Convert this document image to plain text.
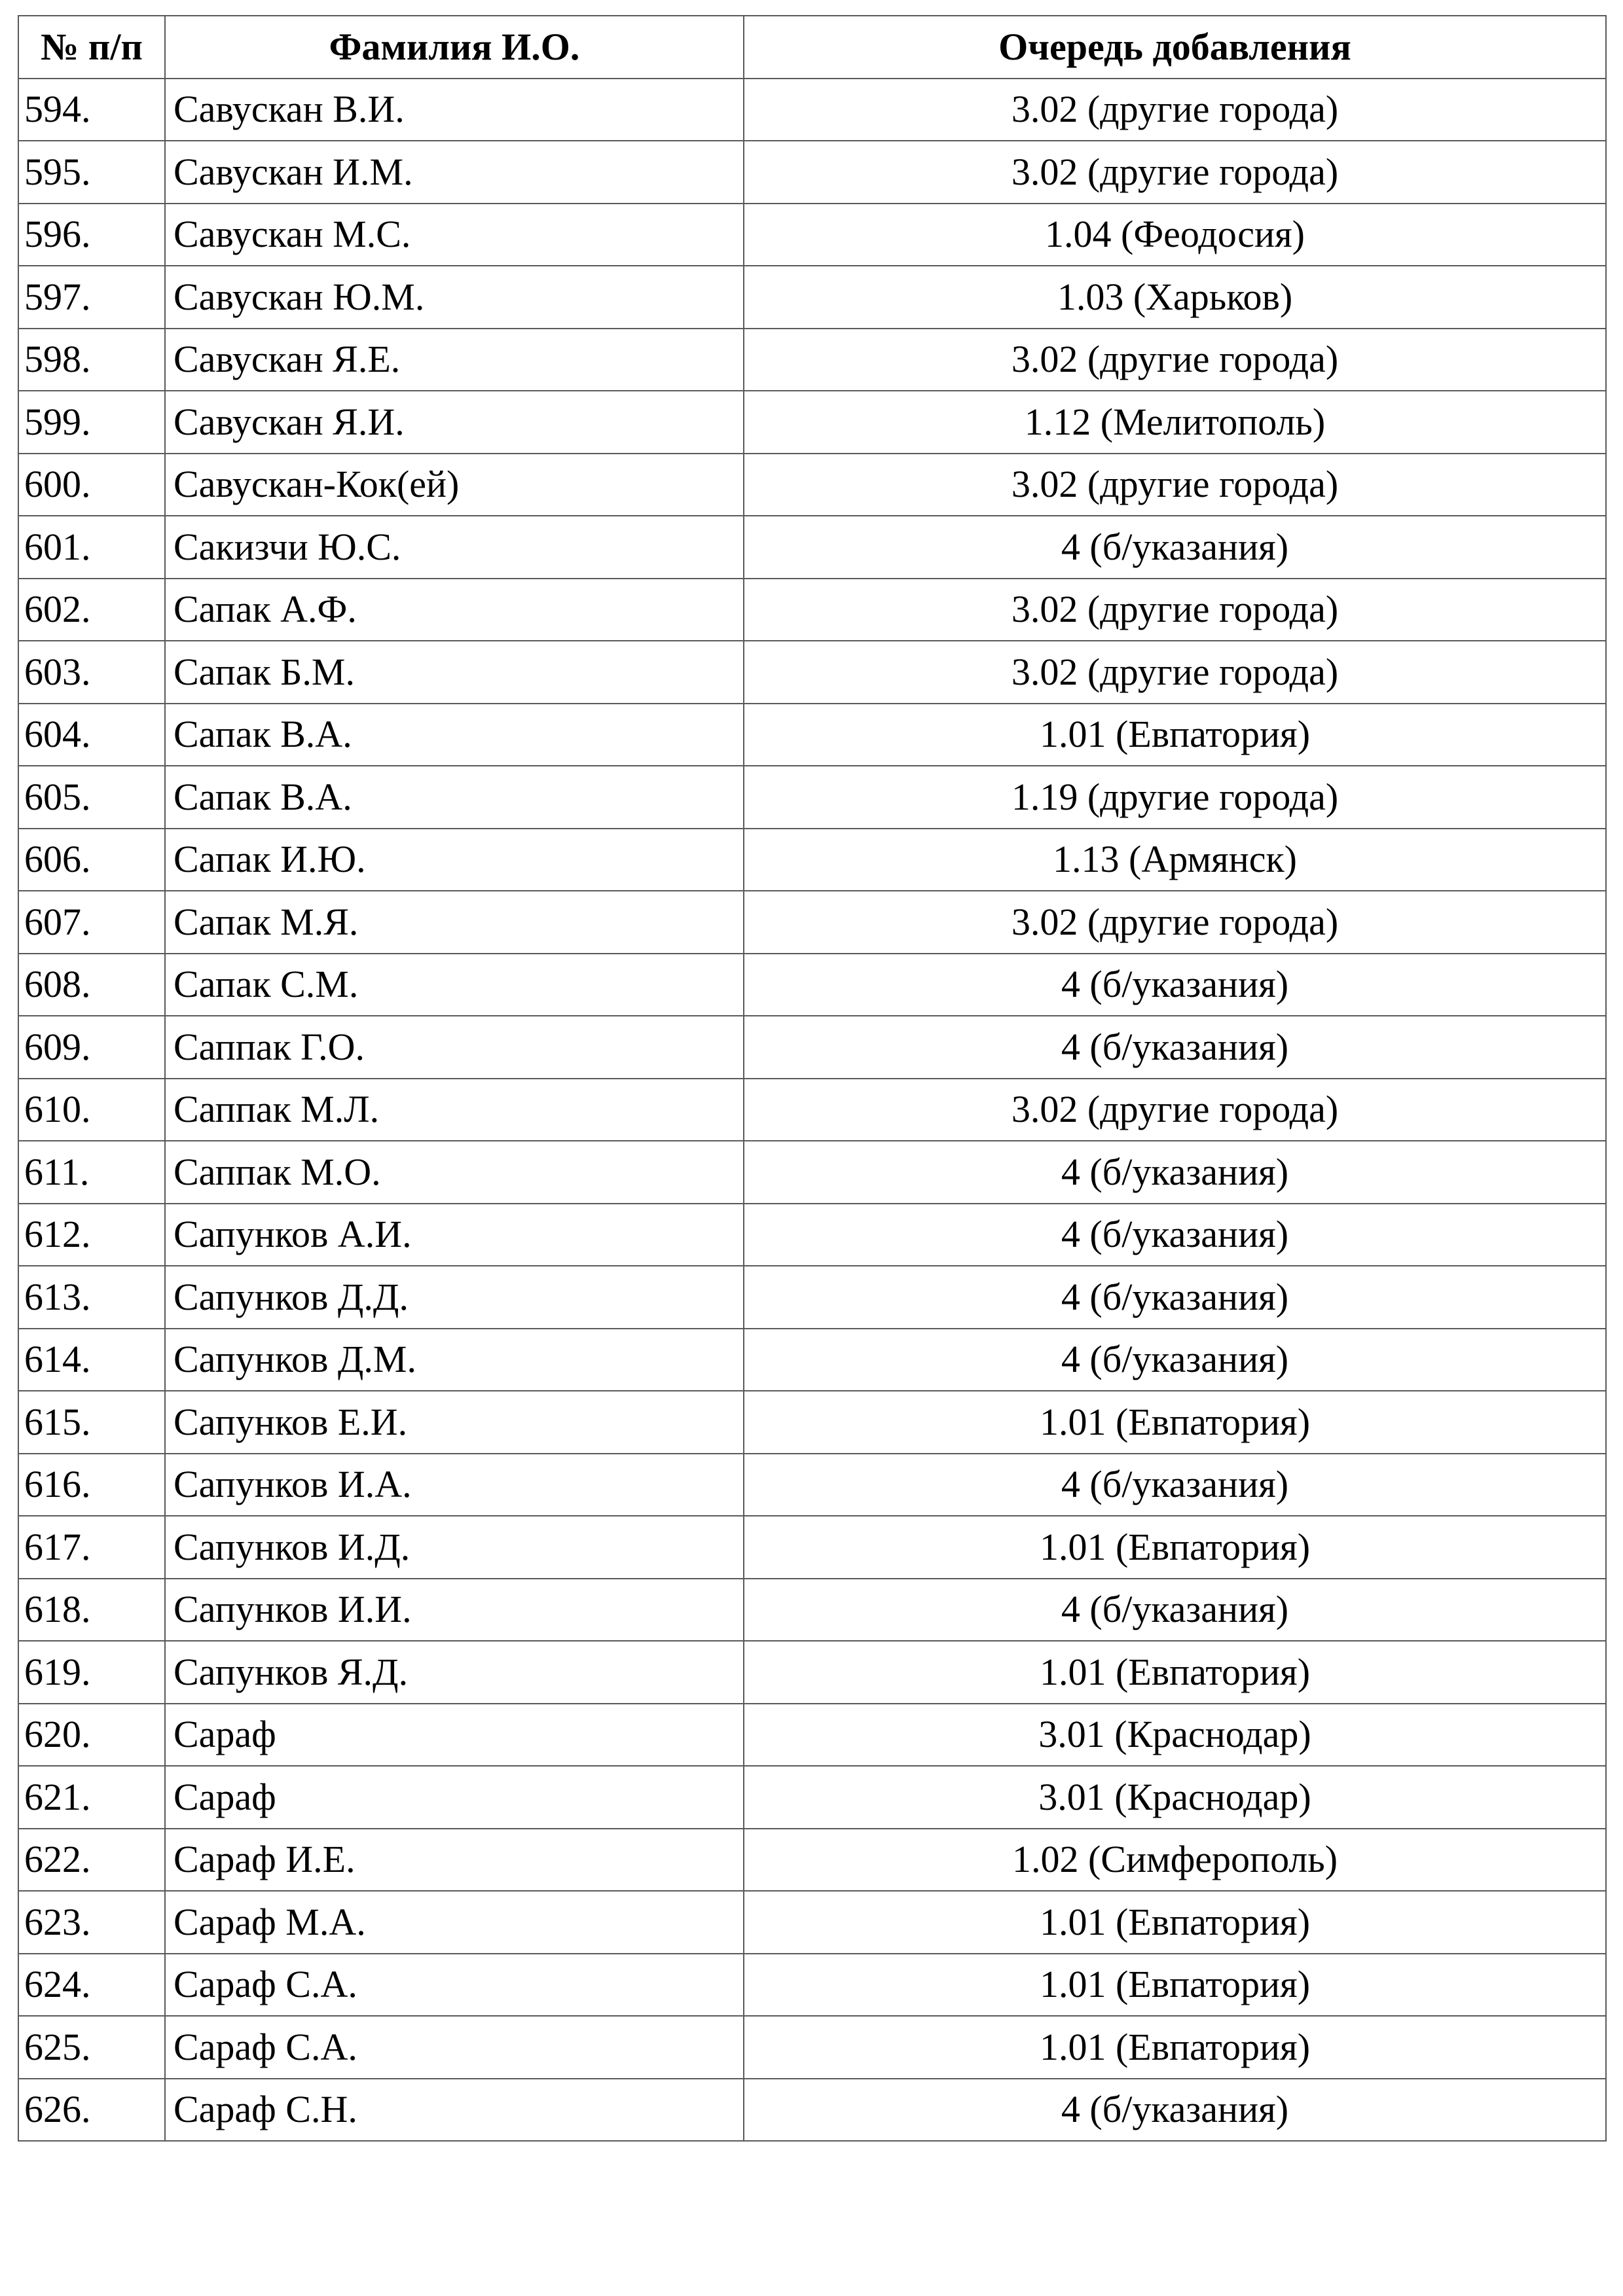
№ п/п	Фамилия И.О.	Очередь добавления
594.	Савускан В.И.	3.02 (другие города)
595.	Савускан И.М.	3.02 (другие города)
596.	Савускан М.С.	1.04 (Феодосия)
597.	Савускан Ю.М.	1.03 (Харьков)
598.	Савускан Я.Е.	3.02 (другие города)
599.	Савускан Я.И.	1.12 (Мелитополь)
600.	Савускан-Кок(ей)	3.02 (другие города)
601.	Сакизчи Ю.С.	4 (б/указания)
602.	Сапак А.Ф.	3.02 (другие города)
603.	Сапак Б.М.	3.02 (другие города)
604.	Сапак В.А.	1.01 (Евпатория)
605.	Сапак В.А.	1.19 (другие города)
606.	Сапак И.Ю.	1.13 (Армянск)
607.	Сапак М.Я.	3.02 (другие города)
608.	Сапак С.М.	4 (б/указания)
609.	Саппак Г.О.	4 (б/указания)
610.	Саппак М.Л.	3.02 (другие города)
611.	Саппак М.О.	4 (б/указания)
612.	Сапунков А.И.	4 (б/указания)
613.	Сапунков Д.Д.	4 (б/указания)
614.	Сапунков Д.М.	4 (б/указания)
615.	Сапунков Е.И.	1.01 (Евпатория)
616.	Сапунков И.А.	4 (б/указания)
617.	Сапунков И.Д.	1.01 (Евпатория)
618.	Сапунков И.И.	4 (б/указания)
619.	Сапунков Я.Д.	1.01 (Евпатория)
620.	Сараф	3.01 (Краснодар)
621.	Сараф	3.01 (Краснодар)
622.	Сараф И.Е.	1.02 (Симферополь)
623.	Сараф М.А.	1.01 (Евпатория)
624.	Сараф С.А.	1.01 (Евпатория)
625.	Сараф С.А.	1.01 (Евпатория)
626.	Сараф С.Н.	4 (б/указания)
